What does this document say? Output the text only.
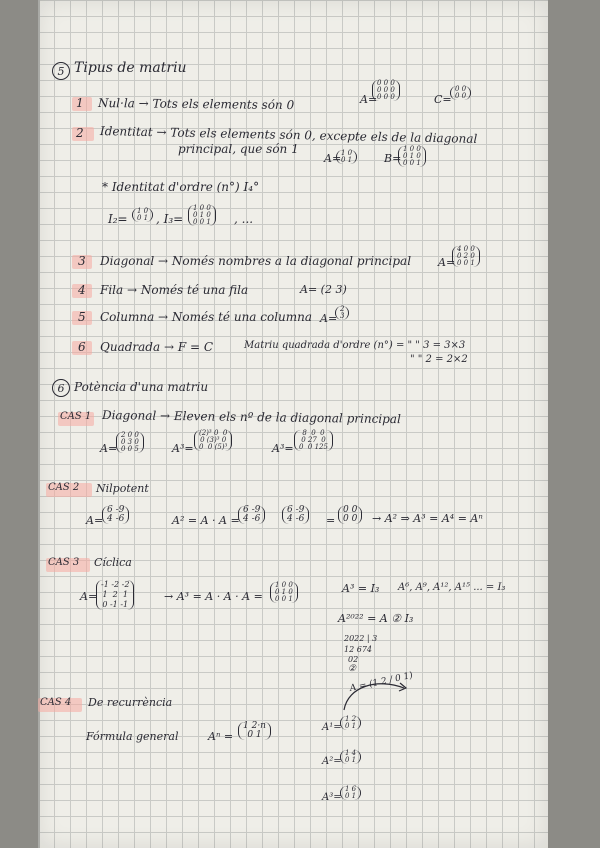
5 Tipus de matriu
1 Nul·la → Tots els elements són 0	A=
0 0 0
0 0 0
0 0 0	C=
0 0
0 0
2 Identitat → Tots els elements són 0, excepte els de la diagonal
principal, que són 1
A= 1 0
0 1	B=
1 0 0
0 1 0
0 0 1
* Identitat d'ordre (n°) I₄°
I₂=
1 0
0 1 , I₃=
1 0 0
0 1 0
0 0 1	, ...
3 Diagonal → Només nombres a la diagonal principal A=
4 0 0
0 2 0
0 0 1
4 Fila → Només té una fila	A= (2 3)
5 Columna → Només té una columna A=
2
3
6 Quadrada → F = C	Matriu quadrada d'ordre (n°) = " " 3 = 3×3
" " 2 = 2×2
6 Potència d'una matriu
CAS 1 Diagonal → Eleven els nº de la diagonal principal
A=
2 0 0
0 3 0
0 0 5	A³=
(2)³ 0  0
0 (3)³ 0
0  0 (5)³	A³=
8  0  0
0 27  0
0  0 125
CAS 2 Nilpotent
A=
6 -9
4 -6	A² = A · A =
6 -9
4 -6
6 -9
4 -6	=
0 0
0 0	→ A² ⇒ A³ = A⁴ = Aⁿ
CAS 3 Cíclica
A=
-1 -2 -2
1  2  1
0 -1 -1
→ A³ = A · A · A =
1 0 0
0 1 0
0 0 1
A³ = I₃ A⁶, A⁹, A¹², A¹⁵ ... = I₃
A²⁰²² = A ② I₃
2022 | 3
12 674
02
②
CAS 4 De recurrència
Fórmula general	Aⁿ =
1 2·n
0 1
A = (1 2 / 0 1)
A¹=
1 2
0 1
A²=
1 4
0 1
A³=
1 6
0 1
